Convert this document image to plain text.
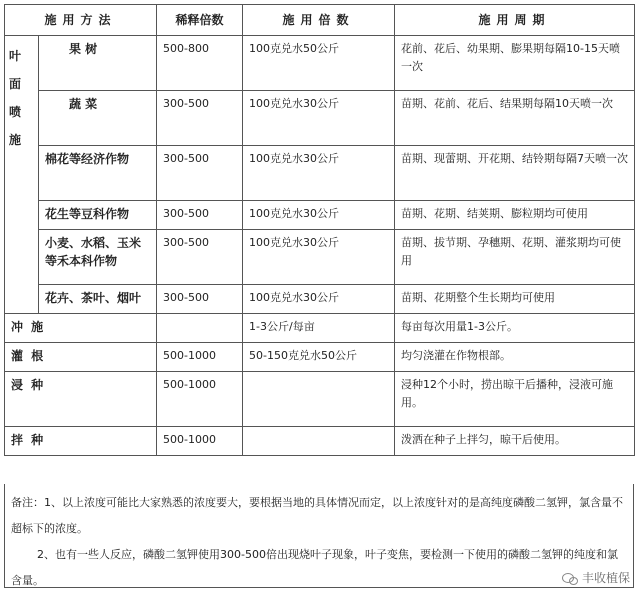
施用方法		稀释倍数	施用倍数	施用周期

叶面喷施	果 树	500-800	100克兑水50公斤	花前、花后、幼果期、膨果期每隔10-15天喷一次
	蔬 菜	300-500	100克兑水30公斤	苗期、花前、花后、结果期每隔10天喷一次
	棉花等经济作物	300-500	100克兑水30公斤	苗期、现蕾期、开花期、结铃期每隔7天喷一次
	花生等豆科作物	300-500	100克兑水30公斤	苗期、花期、结荚期、膨粒期均可使用
	小麦、水稻、玉米等禾本科作物	300-500	100克兑水30公斤	苗期、拔节期、孕穗期、花期、灌浆期均可使用
	花卉、茶叶、烟叶	300-500	100克兑水30公斤	苗期、花期整个生长期均可使用
冲 施			1-3公斤/每亩	每亩每次用量1-3公斤。
灌 根		500-1000	50-150克兑水50公斤	均匀浇灌在作物根部。
浸 种		500-1000		浸种12个小时，捞出晾干后播种，浸液可施用。
拌 种		500-1000		泼洒在种子上拌匀，晾干后使用。

备注：1、以上浓度可能比大家熟悉的浓度要大，要根据当地的具体情况而定，以上浓度针对的是高纯度磷酸二氢钾，氯含量不超标下的浓度。

2、也有一些人反应，磷酸二氢钾使用300-500倍出现烧叶子现象，叶子变焦，要检测一下使用的磷酸二氢钾的纯度和氯含量。	丰收植保
